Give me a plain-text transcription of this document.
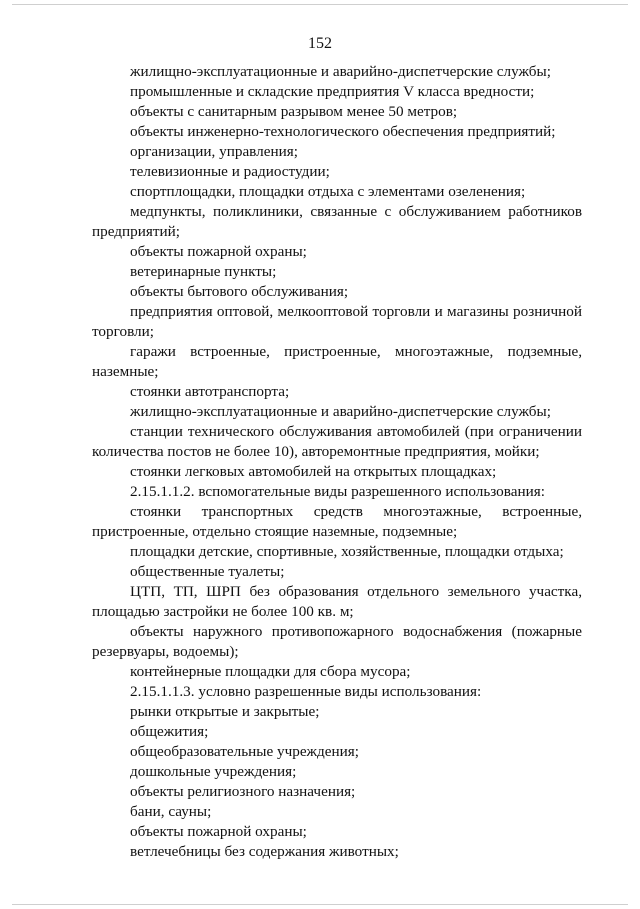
152

жилищно-эксплуатационные и аварийно-диспетчерские службы;

промышленные и складские предприятия V класса вредности;

объекты с санитарным разрывом менее 50 метров;

объекты инженерно-технологического обеспечения предприятий;

организации, управления;

телевизионные и радиостудии;

спортплощадки, площадки отдыха с элементами озеленения;

медпункты, поликлиники, связанные с обслуживанием работников предприятий;

объекты пожарной охраны;

ветеринарные пункты;

объекты бытового обслуживания;

предприятия оптовой, мелкооптовой торговли и магазины розничной торговли;

гаражи встроенные, пристроенные, многоэтажные, подземные, наземные;

стоянки автотранспорта;

жилищно-эксплуатационные и аварийно-диспетчерские службы;

станции технического обслуживания автомобилей (при ограничении количества постов не более 10), авторемонтные предприятия, мойки;

стоянки легковых автомобилей на открытых площадках;

2.15.1.1.2. вспомогательные виды разрешенного использования:

стоянки транспортных средств многоэтажные, встроенные, пристроенные, отдельно стоящие наземные, подземные;

площадки детские, спортивные, хозяйственные, площадки отдыха;

общественные туалеты;

ЦТП, ТП, ШРП без образования отдельного земельного участка, площадью застройки не более 100 кв. м;

объекты наружного противопожарного водоснабжения (пожарные резервуары, водоемы);

контейнерные площадки для сбора мусора;

2.15.1.1.3. условно разрешенные виды использования:

рынки открытые и закрытые;

общежития;

общеобразовательные учреждения;

дошкольные учреждения;

объекты религиозного назначения;

бани, сауны;

объекты пожарной охраны;

ветлечебницы без содержания животных;
